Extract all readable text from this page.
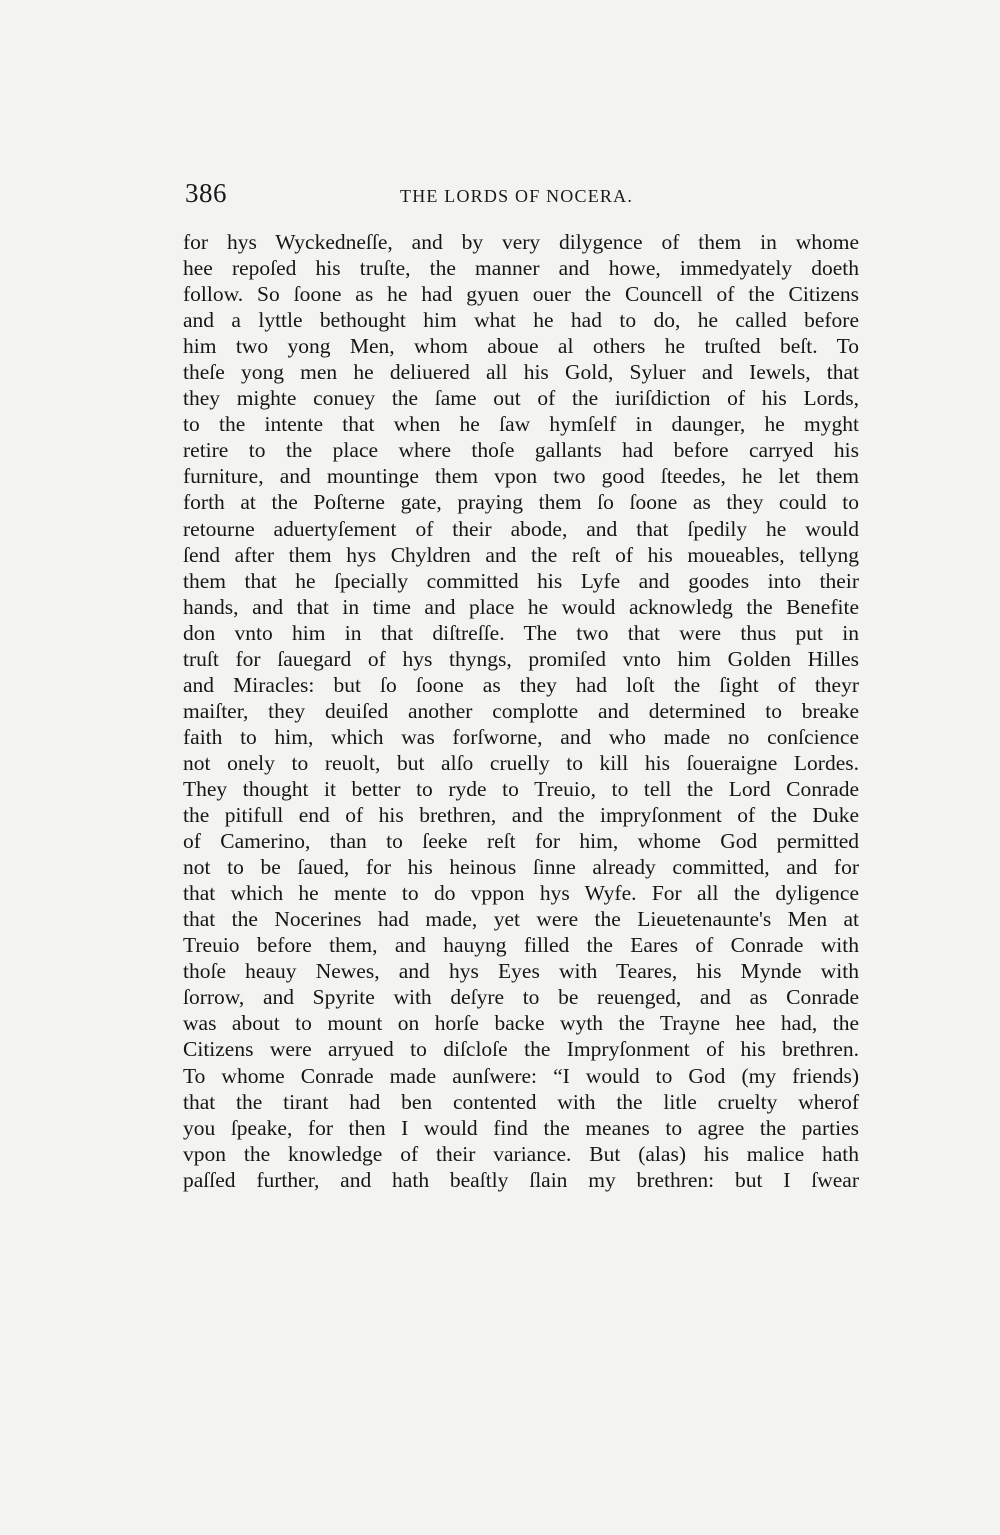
386	THE LORDS OF NOCERA.
for hys Wyckedneſſe, and by very dilygence of them in whome
hee repoſed his truſte, the manner and howe, immedyately doeth
follow. So ſoone as he had gyuen ouer the Councell of the Citizens
and a lyttle bethought him what he had to do, he called before
him two yong Men, whom aboue al others he truſted beſt. To
theſe yong men he deliuered all his Gold, Syluer and Iewels, that
they mighte conuey the ſame out of the iuriſdiction of his Lords,
to the intente that when he ſaw hymſelf in daunger, he myght
retire to the place where thoſe gallants had before carryed his
furniture, and mountinge them vpon two good ſteedes, he let them
forth at the Poſterne gate, praying them ſo ſoone as they could to
retourne aduertyſement of their abode, and that ſpedily he would
ſend after them hys Chyldren and the reſt of his moueables, tellyng
them that he ſpecially committed his Lyfe and goodes into their
hands, and that in time and place he would acknowledg the Benefite
don vnto him in that diſtreſſe. The two that were thus put in
truſt for ſauegard of hys thyngs, promiſed vnto him Golden Hilles
and Miracles: but ſo ſoone as they had loſt the ſight of theyr
maiſter, they deuiſed another complotte and determined to breake
faith to him, which was forſworne, and who made no conſcience
not onely to reuolt, but alſo cruelly to kill his ſoueraigne Lordes.
They thought it better to ryde to Treuio, to tell the Lord Conrade
the pitifull end of his brethren, and the impryſonment of the Duke
of Camerino, than to ſeeke reſt for him, whome God permitted
not to be ſaued, for his heinous ſinne already committed, and for
that which he mente to do vppon hys Wyfe. For all the dyligence
that the Nocerines had made, yet were the Lieuetenaunte's Men at
Treuio before them, and hauyng filled the Eares of Conrade with
thoſe heauy Newes, and hys Eyes with Teares, his Mynde with
ſorrow, and Spyrite with deſyre to be reuenged, and as Conrade
was about to mount on horſe backe wyth the Trayne hee had, the
Citizens were arryued to diſcloſe the Impryſonment of his brethren.
To whome Conrade made aunſwere: “I would to God (my friends)
that the tirant had ben contented with the litle cruelty wherof
you ſpeake, for then I would find the meanes to agree the parties
vpon the knowledge of their variance. But (alas) his malice hath
paſſed further, and hath beaſtly ſlain my brethren: but I ſwear
